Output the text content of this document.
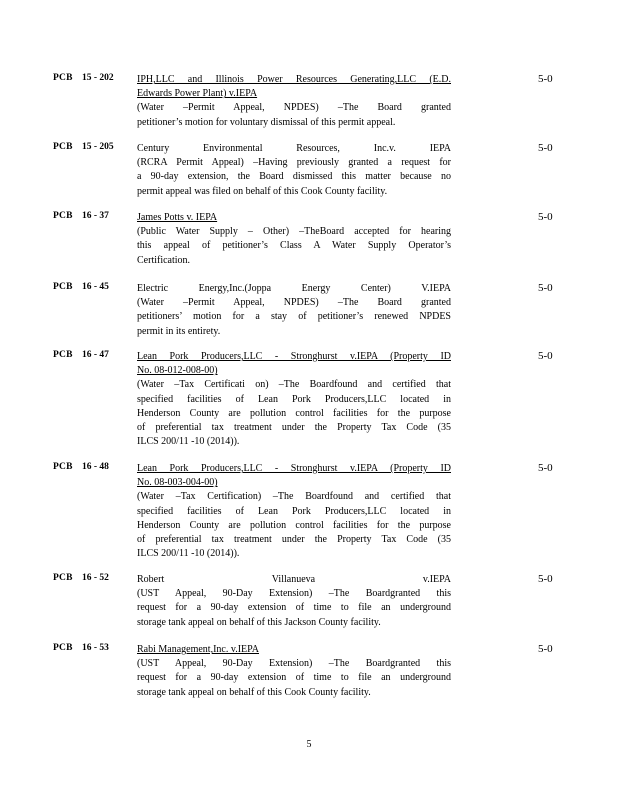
PCB 15 - 202 IPH,LLC and Illinois Power Resources Generating,LLC (E.D.
Edwards Power Plant) v.IEPA
(Water –Permit Appeal, NPDES) –The Board granted
petitioner’s motion for voluntary dismissal of this permit appeal.
5-0
PCB 15 - 205 Century Environmental Resources, Inc.v. IEPA
(RCRA Permit Appeal) –Having previously granted a request for
a 90-day extension, the Board dismissed this matter because no
permit appeal was filed on behalf of this Cook County facility.
5-0
PCB 16 - 37	James Potts v. IEPA
(Public Water Supply – Other) –TheBoard accepted for hearing
this appeal of petitioner’s Class A Water Supply Operator’s
Certification.
5-0
PCB 16 - 45	Electric Energy,Inc.(Joppa Energy Center) V.IEPA
(Water –Permit Appeal, NPDES) –The Board granted
petitioners’ motion for a stay of petitioner’s renewed NPDES
permit in its entirety.
5-0
PCB 16 - 47	Lean Pork Producers,LLC - Stronghurst v.IEPA (Property ID
No. 08-012-008-00)
(Water –Tax Certificati on) –The Boardfound and certified that
specified facilities of Lean Pork Producers,LLC located in
Henderson County are pollution control facilities for the purpose
of preferential tax treatment under the Property Tax Code (35
ILCS 200/11 -10 (2014)).
5-0
PCB 16 - 48	Lean Pork Producers,LLC - Stronghurst v.IEPA (Property ID
No. 08-003-004-00)
(Water –Tax Certification) –The Boardfound and certified that
specified facilities of Lean Pork Producers,LLC located in
Henderson County are pollution control facilities for the purpose
of preferential tax treatment under the Property Tax Code (35
ILCS 200/11 -10 (2014)).
5-0
PCB 16 - 52	Robert Villanueva v.IEPA
(UST Appeal, 90-Day Extension) –The Boardgranted this
request for a 90-day extension of time to file an underground
storage tank appeal on behalf of this Jackson County facility.
5-0
PCB 16 - 53	Rabi Management,Inc. v.IEPA
(UST Appeal, 90-Day Extension) –The Boardgranted this
request for a 90-day extension of time to file an underground
storage tank appeal on behalf of this Cook County facility.
5-0
5
